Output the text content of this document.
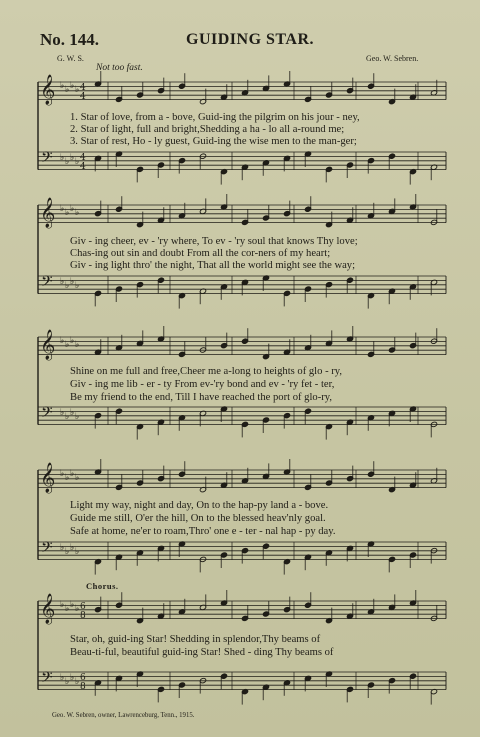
No. 144.	GUIDING STAR.
G. W. S.	Geo. W. Sebren.
Not too fast.
𝄞
𝄢
♭
♭
♭
♭
♭
♭
♭
♭
4
4
4
4
𝄞
𝄢
♭
♭
♭
♭
♭
♭
♭
♭
𝄞
𝄢
♭
♭
♭
♭
♭
♭
♭
♭
𝄞
𝄢
♭
♭
♭
♭
♭
♭
♭
♭
𝄞
𝄢
♭
♭
♭
♭
♭
♭
♭
♭
6
8
6
8
1. Star of love, from a - bove, Guid-ing the pilgrim on his jour - ney,
2. Star of light, full and bright,Shedding a ha - lo all a-round me;
3. Star of rest, Ho - ly guest, Guid-ing the wise men to the man-ger;
Giv - ing cheer, ev - 'ry where, To ev - 'ry soul that knows Thy love;
Chas-ing out sin and doubt From all the cor-ners of my heart;
Giv - ing light thro' the night, That all the world might see the way;
Shine on me full and free,Cheer me a-long to heights of glo - ry,
Giv - ing me lib - er - ty From ev-'ry bond and ev - 'ry fet - ter,
Be my friend to the end, Till I have reached the port of glo-ry,
Light my way, night and day, On to the hap-py land a - bove.
Guide me still, O'er the hill, On to the blessed heav'nly goal.
Safe at home, ne'er to roam,Thro' one e - ter - nal hap - py day.
Chorus.
Star, oh, guid-ing Star! Shedding in splendor,Thy beams of
Beau-ti-ful, beautiful guid-ing Star! Shed - ding Thy beams of
Geo. W. Sebren, owner, Lawrenceburg, Tenn., 1915.
